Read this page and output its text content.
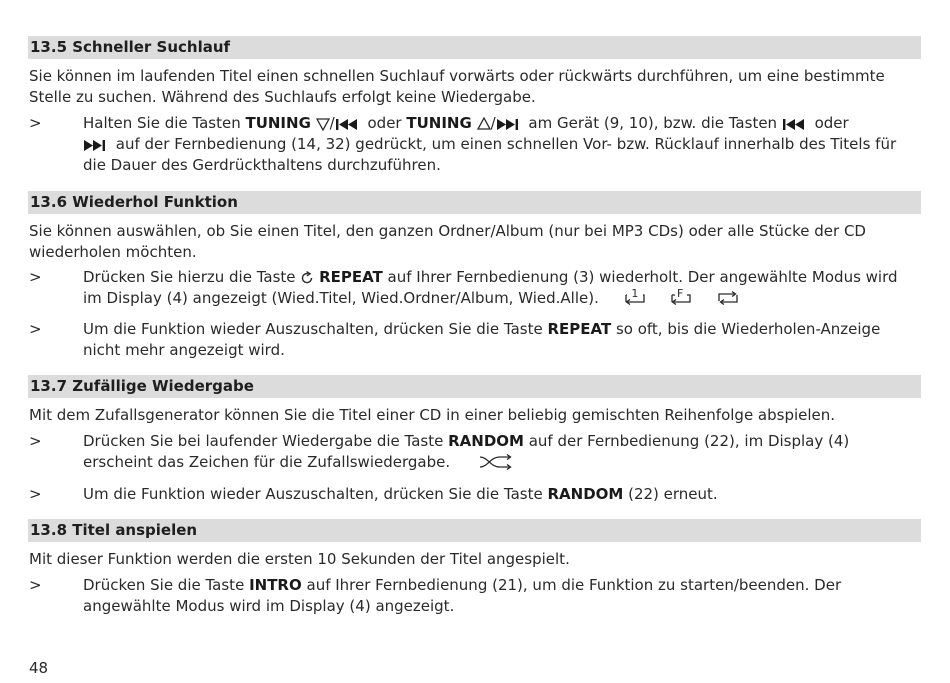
13.5 Schneller Suchlauf
Sie können im laufenden Titel einen schnellen Suchlauf vorwärts oder rückwärts durchführen, um eine bestimmte Stelle zu suchen. Während des Suchlaufs erfolgt keine Wiedergabe.
>	Halten Sie die Tasten TUNING / oder TUNING / am Gerät (9, 10), bzw. die Tasten  oder
auf der Fernbedienung (14, 32) gedrückt, um einen schnellen Vor- bzw. Rücklauf innerhalb des Titels für die Dauer des Gerdrückthaltens durchzuführen.
13.6 Wiederhol Funktion
Sie können auswählen, ob Sie einen Titel, den ganzen Ordner/Album (nur bei MP3 CDs) oder alle Stücke der CD wiederholen möchten.
>	Drücken Sie hierzu die Taste  REPEAT auf Ihrer Fernbedienung (3) wiederholt. Der angewählte Modus wird im Display (4) angezeigt (Wied.Titel, Wied.Ordner/Album, Wied.Alle).	1
	F

>	Um die Funktion wieder Auszuschalten, drücken Sie die Taste REPEAT so oft, bis die Wiederholen-Anzeige nicht mehr angezeigt wird.
13.7 Zufällige Wiedergabe
Mit dem Zufallsgenerator können Sie die Titel einer CD in einer beliebig gemischten Reihenfolge abspielen.
>	Drücken Sie bei laufender Wiedergabe die Taste RANDOM auf der Fernbedienung (22), im Display (4) erscheint das Zeichen für die Zufallswiedergabe.
>	Um die Funktion wieder Auszuschalten, drücken Sie die Taste RANDOM (22) erneut.
13.8 Titel anspielen
Mit dieser Funktion werden die ersten 10 Sekunden der Titel angespielt.
>	Drücken Sie die Taste INTRO auf Ihrer Fernbedienung (21), um die Funktion zu starten/beenden. Der angewählte Modus wird im Display (4) angezeigt.
48
